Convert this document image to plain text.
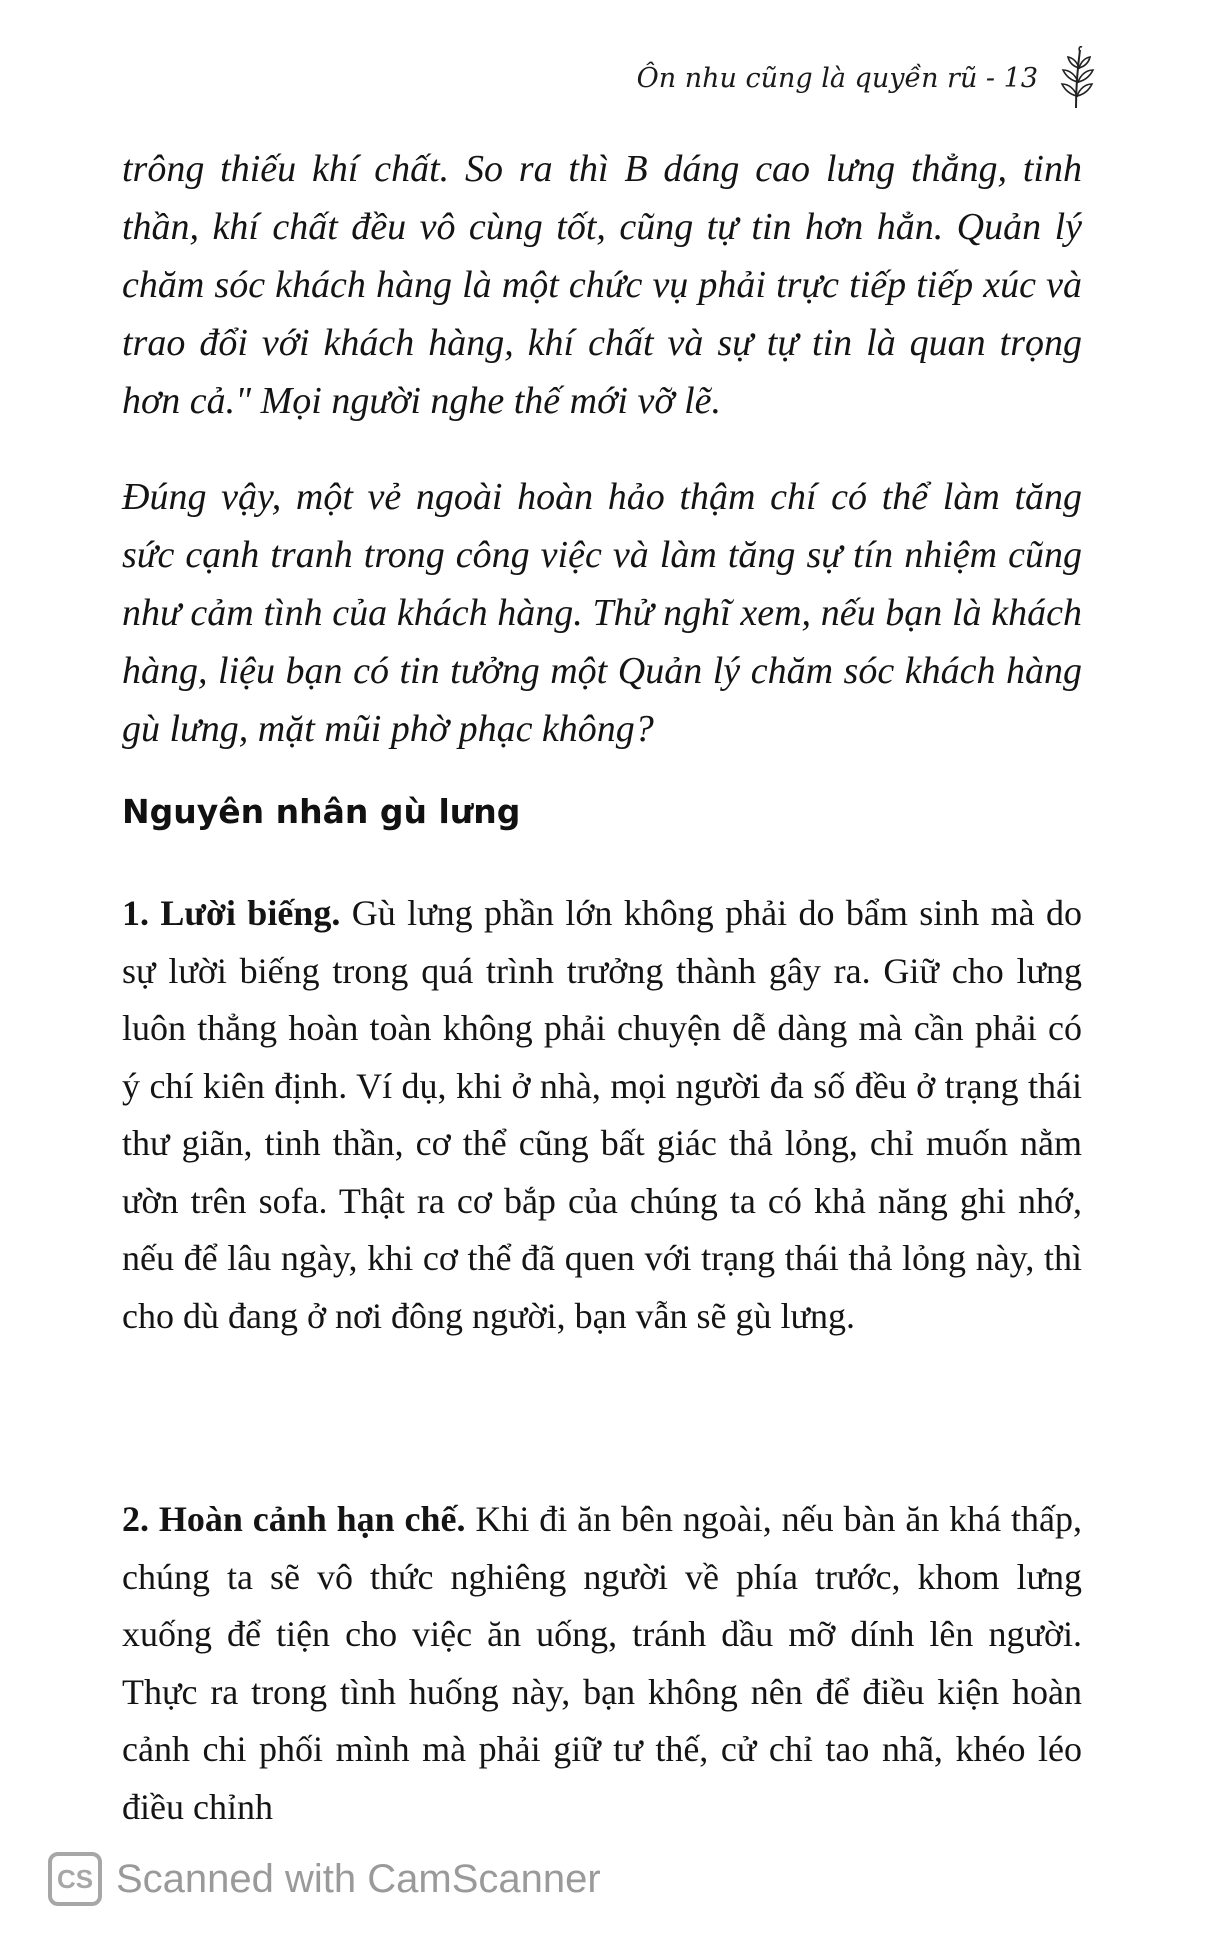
Ôn nhu cũng là quyền rũ - 13

trông thiếu khí chất. So ra thì B dáng cao lưng thẳng, tinh thần, khí chất đều vô cùng tốt, cũng tự tin hơn hẳn. Quản lý chăm sóc khách hàng là một chức vụ phải trực tiếp tiếp xúc và trao đổi với khách hàng, khí chất và sự tự tin là quan trọng hơn cả." Mọi người nghe thế mới vỡ lẽ.

Đúng vậy, một vẻ ngoài hoàn hảo thậm chí có thể làm tăng sức cạnh tranh trong công việc và làm tăng sự tín nhiệm cũng như cảm tình của khách hàng. Thử nghĩ xem, nếu bạn là khách hàng, liệu bạn có tin tưởng một Quản lý chăm sóc khách hàng gù lưng, mặt mũi phờ phạc không?

Nguyên nhân gù lưng

1. Lười biếng. Gù lưng phần lớn không phải do bẩm sinh mà do sự lười biếng trong quá trình trưởng thành gây ra. Giữ cho lưng luôn thẳng hoàn toàn không phải chuyện dễ dàng mà cần phải có ý chí kiên định. Ví dụ, khi ở nhà, mọi người đa số đều ở trạng thái thư giãn, tinh thần, cơ thể cũng bất giác thả lỏng, chỉ muốn nằm ườn trên sofa. Thật ra cơ bắp của chúng ta có khả năng ghi nhớ, nếu để lâu ngày, khi cơ thể đã quen với trạng thái thả lỏng này, thì cho dù đang ở nơi đông người, bạn vẫn sẽ gù lưng.

2. Hoàn cảnh hạn chế. Khi đi ăn bên ngoài, nếu bàn ăn khá thấp, chúng ta sẽ vô thức nghiêng người về phía trước, khom lưng xuống để tiện cho việc ăn uống, tránh dầu mỡ dính lên người. Thực ra trong tình huống này, bạn không nên để điều kiện hoàn cảnh chi phối mình mà phải giữ tư thế, cử chỉ tao nhã, khéo léo điều chỉnh

CS Scanned with CamScanner
